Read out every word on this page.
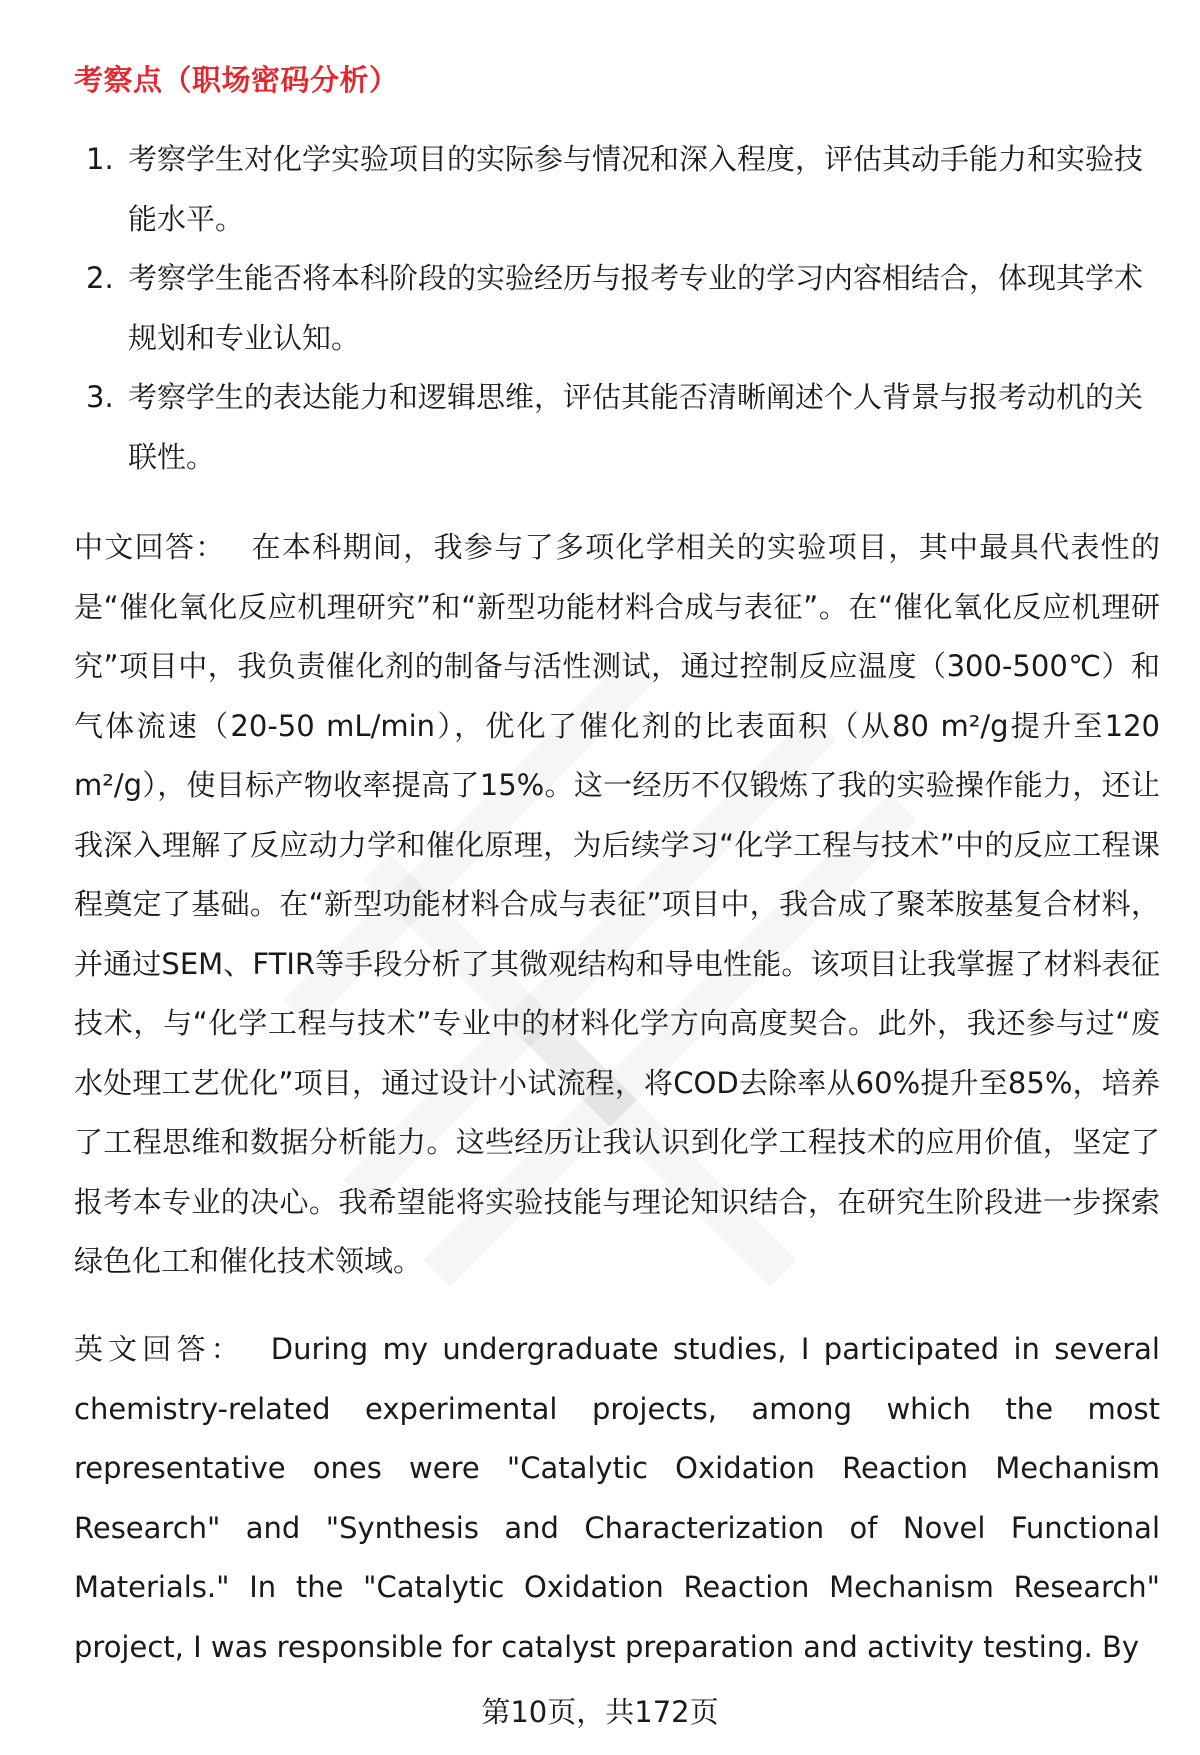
考察点（职场密码分析）
1. 考察学生对化学实验项目的实际参与情况和深入程度，评估其动手能力和实验技能水平。
2. 考察学生能否将本科阶段的实验经历与报考专业的学习内容相结合，体现其学术规划和专业认知。
3. 考察学生的表达能力和逻辑思维，评估其能否清晰阐述个人背景与报考动机的关联性。

中文回答： 在本科期间，我参与了多项化学相关的实验项目，其中最具代表性的是“催化氧化反应机理研究”和“新型功能材料合成与表征”。在“催化氧化反应机理研究”项目中，我负责催化剂的制备与活性测试，通过控制反应温度（300-500℃）和气体流速（20-50 mL/min），优化了催化剂的比表面积（从80 m²/g提升至120 m²/g），使目标产物收率提高了15%。这一经历不仅锻炼了我的实验操作能力，还让我深入理解了反应动力学和催化原理，为后续学习“化学工程与技术”中的反应工程课程奠定了基础。在“新型功能材料合成与表征”项目中，我合成了聚苯胺基复合材料，并通过SEM、FTIR等手段分析了其微观结构和导电性能。该项目让我掌握了材料表征技术，与“化学工程与技术”专业中的材料化学方向高度契合。此外，我还参与过“废水处理工艺优化”项目，通过设计小试流程，将COD去除率从60%提升至85%，培养了工程思维和数据分析能力。这些经历让我认识到化学工程技术的应用价值，坚定了报考本专业的决心。我希望能将实验技能与理论知识结合，在研究生阶段进一步探索绿色化工和催化技术领域。

英文回答： During my undergraduate studies, I participated in several chemistry-related experimental projects, among which the most representative ones were "Catalytic Oxidation Reaction Mechanism Research" and "Synthesis and Characterization of Novel Functional Materials." In the "Catalytic Oxidation Reaction Mechanism Research" project, I was responsible for catalyst preparation and activity testing. By

第10页，共172页
